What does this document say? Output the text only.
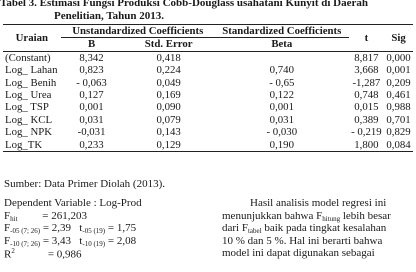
Tabel 3. Estimasi Fungsi Produksi Cobb-Douglass usahatani Kunyit di Daerah
Penelitian, Tahun 2013.
Uraian	Unstandardized Coefficients		Standardized Coefficients	t	Sig
	B	Std. Error	Beta		
(Constant)	8,342	0,418		8,817	0,000
Log_ Lahan	0,823	0,224	0,740	3,668	0,001
Log_ Benih	- 0,063	0,049	- 0,65	-1,287	0,209
Log_ Urea	0,127	0,169	0,122	0,748	0,461
Log_ TSP	0,001	0,090	0,001	0,015	0,988
Log_ KCL	0,031	0,079	0,031	0,389	0,701
Log_ NPK	-0,031	0,143	- 0,030	- 0,219	0,829
Log_TK	0,233	0,129	0,190	1,800	0,084
Sumber: Data Primer Diolah (2013).
Dependent Variable : Log-Prod
$F_{hit} = 261,203$
$F_{-05 (7; 26)} = 2,39$ $t_{-05 (19)} = 1,75$
$F_{-10 (7; 26)} = 3,43$ $t_{-10 (19)} = 2,08$
$R^2$	= 0,986
Hasil analisis model regresi ini
menunjukkan bahwa $F_{hitung}$ lebih besar
dari $F_{tabel}$ baik pada tingkat kesalahan
10 % dan 5 %. Hal ini berarti bahwa
model ini dapat digunakan sebagai
